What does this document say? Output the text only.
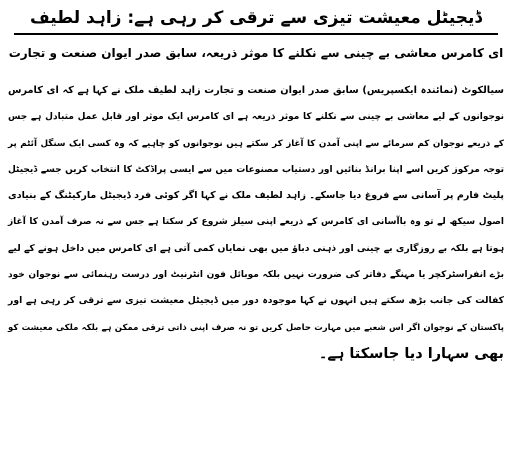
ڈیجیٹل معیشت تیزی سے ترقی کر رہی ہے: زاہد لطیف
ای کامرس معاشی بے چینی سے نکلنے کا موثر ذریعہ، سابق صدر ایوان صنعت و تجارت
سیالکوٹ (نمائندہ ایکسپریس) سابق صدر ایوان صنعت و تجارت زاہد لطیف ملک نے کہا ہے کہ ای کامرس
نوجوانوں کے لیے معاشی بے چینی سے نکلنے کا موثر ذریعہ ہے ای کامرس ایک موثر اور قابل عمل متبادل ہے جس
کے ذریعے نوجوان کم سرمائے سے اپنی آمدن کا آغاز کر سکتے ہیں نوجوانوں کو چاہیے کہ وہ کسی ایک سنگل آئٹم پر
توجہ مرکوز کریں اسے اپنا برانڈ بنائیں اور دستیاب مصنوعات میں سے ایسی پراڈکٹ کا انتخاب کریں جسے ڈیجیٹل
پلیٹ فارم پر آسانی سے فروغ دیا جاسکے۔ زاہد لطیف ملک نے کہا اگر کوئی فرد ڈیجیٹل مارکیٹنگ کے بنیادی
اصول سیکھ لے تو وہ باآسانی ای کامرس کے ذریعے اپنی سیلز شروع کر سکتا ہے جس سے نہ صرف آمدن کا آغاز
ہوتا ہے بلکہ بے روزگاری بے چینی اور ذہنی دباؤ میں بھی نمایاں کمی آتی ہے ای کامرس میں داخل ہونے کے لیے
بڑے انفراسٹرکچر یا مہنگے دفاتر کی ضرورت نہیں بلکہ موبائل فون انٹرنیٹ اور درست رہنمائی سے نوجوان خود
کفالت کی جانب بڑھ سکتے ہیں انہوں نے کہا موجودہ دور میں ڈیجیٹل معیشت تیزی سے ترقی کر رہی ہے اور
پاکستان کے نوجوان اگر اس شعبے میں مہارت حاصل کریں تو نہ صرف اپنی ذاتی ترقی ممکن ہے بلکہ ملکی معیشت کو
بھی سہارا دیا جاسکتا ہے۔
